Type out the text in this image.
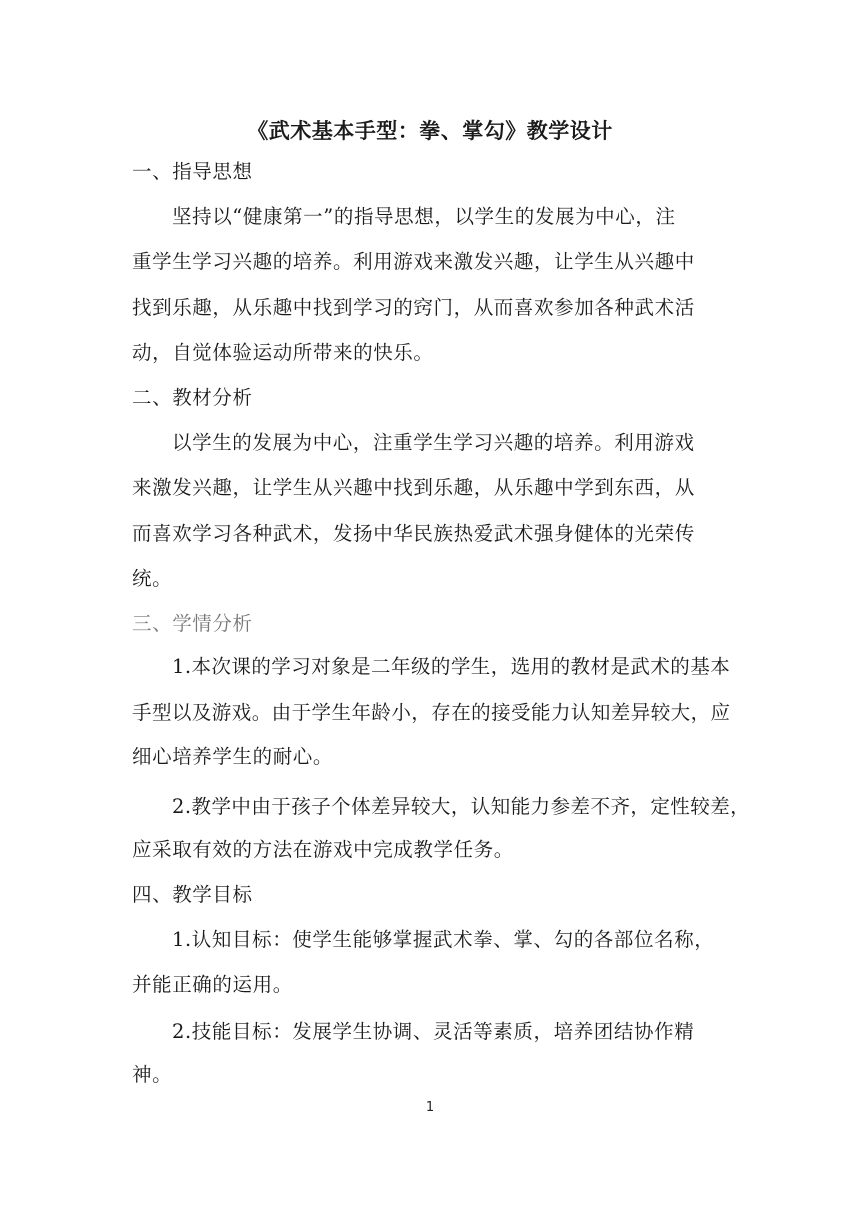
《武术基本手型：拳、掌勾》教学设计
一、指导思想
坚持以“健康第一”的指导思想，以学生的发展为中心，注
重学生学习兴趣的培养。利用游戏来激发兴趣，让学生从兴趣中
找到乐趣，从乐趣中找到学习的窍门，从而喜欢参加各种武术活
动，自觉体验运动所带来的快乐。
二、教材分析
以学生的发展为中心，注重学生学习兴趣的培养。利用游戏
来激发兴趣，让学生从兴趣中找到乐趣，从乐趣中学到东西，从
而喜欢学习各种武术，发扬中华民族热爱武术强身健体的光荣传
统。
三、学情分析
1.本次课的学习对象是二年级的学生，选用的教材是武术的基本
手型以及游戏。由于学生年龄小，存在的接受能力认知差异较大，应
细心培养学生的耐心。
2.教学中由于孩子个体差异较大，认知能力参差不齐，定性较差，
应采取有效的方法在游戏中完成教学任务。
四、教学目标
1.认知目标：使学生能够掌握武术拳、掌、勾的各部位名称，
并能正确的运用。
2.技能目标：发展学生协调、灵活等素质，培养团结协作精
神。
1
